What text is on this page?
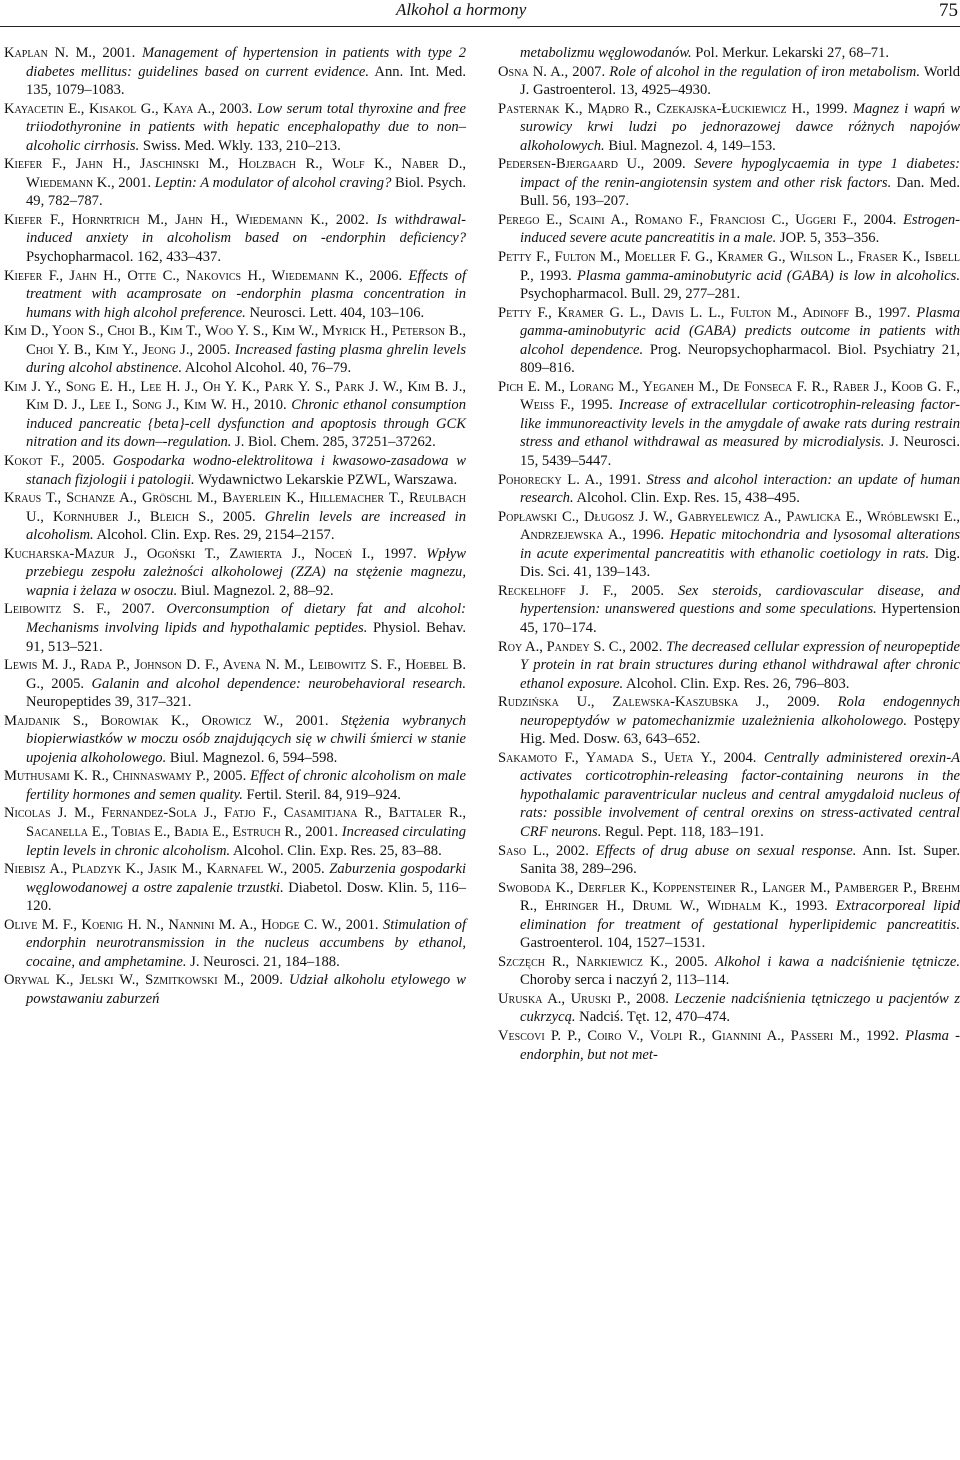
Alkohol a hormony	75

Kaplan N. M., 2001. Management of hypertension in patients with type 2 diabetes mellitus: guidelines based on current evidence. Ann. Int. Med. 135, 1079–1083.

Kayacetin E., Kisakol G., Kaya A., 2003. Low serum total thyroxine and free triiodothyronine in patients with hepatic encephalopathy due to non–alcoholic cirrhosis. Swiss. Med. Wkly. 133, 210–213.

Kiefer F., Jahn H., Jaschinski M., Holzbach R., Wolf K., Naber D., Wiedemann K., 2001. Leptin: A modulator of alcohol craving? Biol. Psych. 49, 782–787.

Kiefer F., Hornrtrich M., Jahn H., Wiedemann K., 2002. Is withdrawal-induced anxiety in alcoholism based on -endorphin deficiency? Psychopharmacol. 162, 433–437.

Kiefer F., Jahn H., Otte C., Nakovics H., Wiedemann K., 2006. Effects of treatment with acamprosate on -endorphin plasma concentration in humans with high alcohol preference. Neurosci. Lett. 404, 103–106.

Kim D., Yoon S., Choi B., Kim T., Woo Y. S., Kim W., Myrick H., Peterson B., Choi Y. B., Kim Y., Jeong J., 2005. Increased fasting plasma ghrelin levels during alcohol abstinence. Alcohol Alcohol. 40, 76–79.

Kim J. Y., Song E. H., Lee H. J., Oh Y. K., Park Y. S., Park J. W., Kim B. J., Kim D. J., Lee I., Song J., Kim W. H., 2010. Chronic ethanol consumption induced pancreatic {beta}-cell dysfunction and apoptosis through GCK nitration and its down–-regulation. J. Biol. Chem. 285, 37251–37262.

Kokot F., 2005. Gospodarka wodno-elektrolitowa i kwasowo-zasadowa w stanach fizjologii i patologii. Wydawnictwo Lekarskie PZWL, Warszawa.

Kraus T., Schanze A., Gröschl M., Bayerlein K., Hillemacher T., Reulbach U., Kornhuber J., Bleich S., 2005. Ghrelin levels are increased in alcoholism. Alcohol. Clin. Exp. Res. 29, 2154–2157.

Kucharska-Mazur J., Ogoński T., Zawierta J., Noceń I., 1997. Wpływ przebiegu zespołu zależności alkoholowej (ZZA) na stężenie magnezu, wapnia i żelaza w osoczu. Biul. Magnezol. 2, 88–92.

Leibowitz S. F., 2007. Overconsumption of dietary fat and alcohol: Mechanisms involving lipids and hypothalamic peptides. Physiol. Behav. 91, 513–521.

Lewis M. J., Rada P., Johnson D. F., Avena N. M., Leibowitz S. F., Hoebel B. G., 2005. Galanin and alcohol dependence: neurobehavioral research. Neuropeptides 39, 317–321.

Majdanik S., Borowiak K., Orowicz W., 2001. Stężenia wybranych biopierwiastków w moczu osób znajdujących się w chwili śmierci w stanie upojenia alkoholowego. Biul. Magnezol. 6, 594–598.

Muthusami K. R., Chinnaswamy P., 2005. Effect of chronic alcoholism on male fertility hormones and semen quality. Fertil. Steril. 84, 919–924.

Nicolas J. M., Fernandez-Sola J., Fatjo F., Casamitjana R., Battaler R., Sacanella E., Tobias E., Badia E., Estruch R., 2001. Increased circulating leptin levels in chronic alcoholism. Alcohol. Clin. Exp. Res. 25, 83–88.

Niebisz A., Pladzyk K., Jasik M., Karnafel W., 2005. Zaburzenia gospodarki węglowodanowej a ostre zapalenie trzustki. Diabetol. Dosw. Klin. 5, 116–120.

Olive M. F., Koenig H. N., Nannini M. A., Hodge C. W., 2001. Stimulation of endorphin neurotransmission in the nucleus accumbens by ethanol, cocaine, and amphetamine. J. Neurosci. 21, 184–188.

Orywal K., Jelski W., Szmitkowski M., 2009. Udział alkoholu etylowego w powstawaniu zaburzeń

metabolizmu węglowodanów. Pol. Merkur. Lekarski 27, 68–71.

Osna N. A., 2007. Role of alcohol in the regulation of iron metabolism. World J. Gastroenterol. 13, 4925–4930.

Pasternak K., Mądro R., Czekajska-Łuckiewicz H., 1999. Magnez i wapń w surowicy krwi ludzi po jednorazowej dawce różnych napojów alkoholowych. Biul. Magnezol. 4, 149–153.

Pedersen-Bjergaard U., 2009. Severe hypoglycaemia in type 1 diabetes: impact of the renin-angiotensin system and other risk factors. Dan. Med. Bull. 56, 193–207.

Perego E., Scaini A., Romano F., Franciosi C., Uggeri F., 2004. Estrogen-induced severe acute pancreatitis in a male. JOP. 5, 353–356.

Petty F., Fulton M., Moeller F. G., Kramer G., Wilson L., Fraser K., Isbell P., 1993. Plasma gamma-aminobutyric acid (GABA) is low in alcoholics. Psychopharmacol. Bull. 29, 277–281.

Petty F., Kramer G. L., Davis L. L., Fulton M., Adinoff B., 1997. Plasma gamma-aminobutyric acid (GABA) predicts outcome in patients with alcohol dependence. Prog. Neuropsychopharmacol. Biol. Psychiatry 21, 809–816.

Pich E. M., Lorang M., Yeganeh M., De Fonseca F. R., Raber J., Koob G. F., Weiss F., 1995. Increase of extracellular corticotrophin-releasing factor-like immunoreactivity levels in the amygdale of awake rats during restrain stress and ethanol withdrawal as measured by microdialysis. J. Neurosci. 15, 5439–5447.

Pohorecky L. A., 1991. Stress and alcohol interaction: an update of human research. Alcohol. Clin. Exp. Res. 15, 438–495.

Popławski C., Długosz J. W., Gabryelewicz A., Pawlicka E., Wróblewski E., Andrzejewska A., 1996. Hepatic mitochondria and lysosomal alterations in acute experimental pancreatitis with ethanolic coetiology in rats. Dig. Dis. Sci. 41, 139–143.

Reckelhoff J. F., 2005. Sex steroids, cardiovascular disease, and hypertension: unanswered questions and some speculations. Hypertension 45, 170–174.

Roy A., Pandey S. C., 2002. The decreased cellular expression of neuropeptide Y protein in rat brain structures during ethanol withdrawal after chronic ethanol exposure. Alcohol. Clin. Exp. Res. 26, 796–803.

Rudzińska U., Zalewska-Kaszubska J., 2009. Rola endogennych neuropeptydów w patomechanizmie uzależnienia alkoholowego. Postępy Hig. Med. Dosw. 63, 643–652.

Sakamoto F., Yamada S., Ueta Y., 2004. Centrally administered orexin-A activates corticotrophin-releasing factor-containing neurons in the hypothalamic paraventricular nucleus and central amygdaloid nucleus of rats: possible involvement of central orexins on stress-activated central CRF neurons. Regul. Pept. 118, 183–191.

Saso L., 2002. Effects of drug abuse on sexual response. Ann. Ist. Super. Sanita 38, 289–296.

Swoboda K., Derfler K., Koppensteiner R., Langer M., Pamberger P., Brehm R., Ehringer H., Druml W., Widhalm K., 1993. Extracorporeal lipid elimination for treatment of gestational hyperlipidemic pancreatitis. Gastroenterol. 104, 1527–1531.

Szczęch R., Narkiewicz K., 2005. Alkohol i kawa a nadciśnienie tętnicze. Choroby serca i naczyń 2, 113–114.

Uruska A., Uruski P., 2008. Leczenie nadciśnienia tętniczego u pacjentów z cukrzycą. Nadciś. Tęt. 12, 470–474.

Vescovi P. P., Coiro V., Volpi R., Giannini A., Passeri M., 1992. Plasma -endorphin, but not met-
